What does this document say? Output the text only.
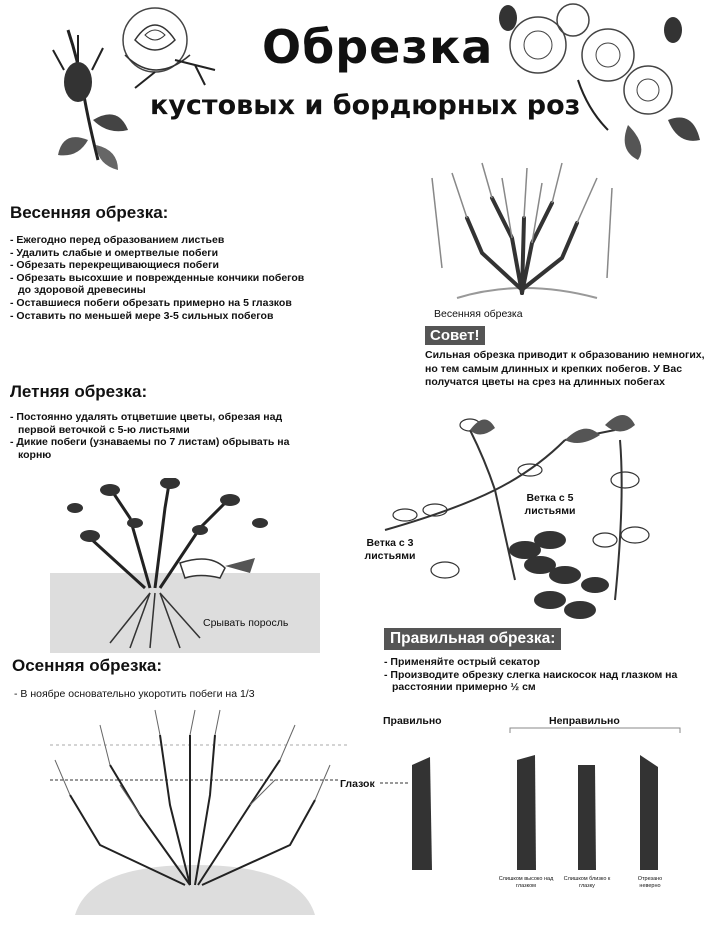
Обрезка
кустовых и бордюрных роз
Весенняя обрезка:
- Ежегодно перед образованием листьев
- Удалить слабые и омертвелые побеги
- Обрезать перекрещивающиеся побеги
- Обрезать высохшие и поврежденные кончики побегов до здоровой древесины
- Оставшиеся побеги обрезать примерно на 5 глазков
- Оставить по меньшей мере 3-5 сильных побегов	Весенняя обрезка
Совет!
Сильная обрезка приводит к образованию немногих, но тем самым длинных и крепких побегов. У Вас получатся цветы на срез на длинных побегах
Летняя обрезка:
- Постоянно удалять отцветшие цветы, обрезая над первой веточкой с 5-ю листьями
- Дикие побеги (узнаваемы по 7 листам) обрывать на корню
Срывать поросль
Ветка с 5 листьями
Ветка с 3 листьями
Правильная обрезка:
- Применяйте острый секатор
- Производите обрезку слегка наискосок над глазком на расстоянии примерно ½ см
Правильно	Неправильно
Глазок
Слишком высоко над глазком
Слишком близко к глазку
Отрезано неверно
Осенняя обрезка:
- В ноябре основательно укоротить побеги на 1/3
